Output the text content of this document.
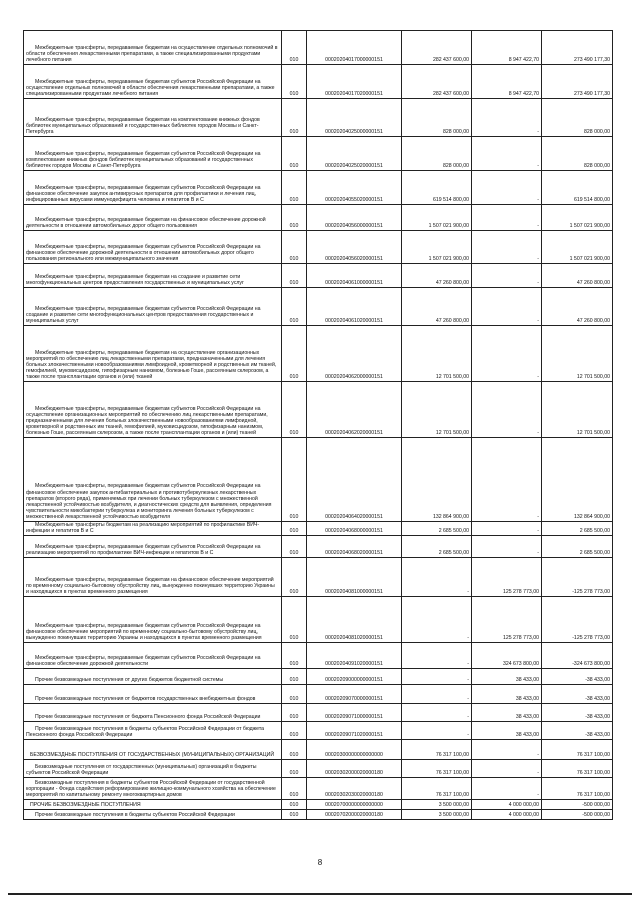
Межбюджетные трансферты, передаваемые бюджетам на осуществление отдельных полномочий в области обеспечения лекарственными препаратами, а также специализированными продуктами лечебного питания	010	00020204017000000151	282 437 600,00	8 947 422,70	273 490 177,30
Межбюджетные трансферты, передаваемые бюджетам субъектов Российской Федерации на осуществление отдельных полномочий в области обеспечения лекарственными препаратами, а также специализированными продуктами лечебного питания	010	00020204017020000151	282 437 600,00	8 947 422,70	273 490 177,30
Межбюджетные трансферты, передаваемые бюджетам на комплектование книжных фондов библиотек муниципальных образований и государственных библиотек городов Москвы и Санкт-Петербурга	010	00020204025000000151	828 000,00	-	828 000,00
Межбюджетные трансферты, передаваемые бюджетам субъектов Российской Федерации на комплектование книжных фондов библиотек муниципальных образований и государственных библиотек городов Москвы и Санкт-Петербурга	010	00020204025020000151	828 000,00	-	828 000,00
Межбюджетные трансферты, передаваемые бюджетам субъектов Российской Федерации на финансовое обеспечение закупок антивирусных препаратов для профилактики и лечения лиц, инфицированных вирусами иммунодефицита человека и гепатитов В и С	010	00020204055020000151	619 514 800,00	-	619 514 800,00
Межбюджетные трансферты, передаваемые бюджетам на финансовое обеспечение дорожной деятельности в отношении автомобильных дорог общего пользования	010	00020204056000000151	1 507 021 900,00	-	1 507 021 900,00
Межбюджетные трансферты, передаваемые бюджетам субъектов Российской Федерации на финансовое обеспечение дорожной деятельности в отношении автомобильных дорог общего пользования регионального или межмуниципального значения	010	00020204056020000151	1 507 021 900,00	-	1 507 021 900,00
Межбюджетные трансферты, передаваемые бюджетам на создание и развитие сети многофункциональных центров предоставления государственных и муниципальных услуг	010	00020204061000000151	47 260 800,00	-	47 260 800,00
Межбюджетные трансферты, передаваемые бюджетам субъектов Российской Федерации на создание и развитие сети многофункциональных центров предоставления государственных и муниципальных услуг	010	00020204061020000151	47 260 800,00	-	47 260 800,00
Межбюджетные трансферты, передаваемые бюджетам на осуществление организационных мероприятий по обеспечению лиц лекарственными препаратами, предназначенными для лечения больных злокачественными новообразованиями лимфоидной, кроветворной и родственных им тканей, гемофилией, муковисцидозом, гипофизарным нанизмом, болезнью Гоше, рассеянным склерозом, а также после трансплантации органов и (или) тканей	010	00020204062000000151	12 701 500,00	-	12 701 500,00
Межбюджетные трансферты, передаваемые бюджетам субъектов Российской Федерации на осуществление организационных мероприятий по обеспечению лиц лекарственными препаратами, предназначенными для лечения больных злокачественными новообразованиями лимфоидной, кроветворной и родственных им тканей, гемофилией, муковисцидозом, гипофизарным нанизмом, болезнью Гоше, рассеянным склерозом, а также после трансплантации органов и (или) тканей	010	00020204062020000151	12 701 500,00	-	12 701 500,00
Межбюджетные трансферты, передаваемые бюджетам субъектов Российской Федерации на финансовое обеспечение закупок антибактериальных и противотуберкулезных лекарственных препаратов (второго ряда), применяемых при лечении больных туберкулезом с множественной лекарственной устойчивостью возбудителя, и диагностических средств для выявления, определения чувствительности микобактерии туберкулеза и мониторинга лечения больных туберкулезом с множественной лекарственной устойчивостью возбудителя	010	00020204064020000151	132 864 900,00	-	132 864 900,00
Межбюджетные трансферты бюджетам на реализацию мероприятий по профилактике ВИЧ-инфекции и гепатитов В и С	010	00020204068000000151	2 685 500,00	-	2 685 500,00
Межбюджетные трансферты, передаваемые бюджетам субъектов Российской Федерации на реализацию мероприятий по профилактике ВИЧ-инфекции и гепатитов В и С	010	00020204068020000151	2 685 500,00	-	2 685 500,00
Межбюджетные трансферты, передаваемые бюджетам на финансовое обеспечение мероприятий по временному социально-бытовому обустройству лиц, вынужденно покинувших территорию Украины и находящихся в пунктах временного размещения	010	00020204081000000151	-	125 278 773,00	-125 278 773,00
Межбюджетные трансферты, передаваемые бюджетам субъектов Российской Федерации на финансовое обеспечение мероприятий по временному социально-бытовому обустройству лиц, вынужденно покинувших территорию Украины и находящихся в пунктах временного размещения	010	00020204081020000151	-	125 278 773,00	-125 278 773,00
Межбюджетные трансферты, передаваемые бюджетам субъектов Российской Федерации на финансовое обеспечение дорожной деятельности	010	00020204091020000151	-	324 673 800,00	-324 673 800,00
Прочие безвозмездные поступления от других бюджетов бюджетной системы	010	00020209000000000151	-	38 433,00	-38 433,00
Прочие безвозмездные поступления от бюджетов государственных внебюджетных фондов	010	00020209070000000151	-	38 433,00	-38 433,00
Прочие безвозмездные поступления от бюджета Пенсионного фонда Российской Федерации	010	00020209071000000151	-	38 433,00	-38 433,00
Прочие безвозмездные поступления в бюджеты субъектов Российской Федерации от бюджета Пенсионного фонда Российской Федерации	010	00020209071020000151	-	38 433,00	-38 433,00
БЕЗВОЗМЕЗДНЫЕ ПОСТУПЛЕНИЯ ОТ ГОСУДАРСТВЕННЫХ (МУНИЦИПАЛЬНЫХ) ОРГАНИЗАЦИЙ	010	00020300000000000000	76 317 100,00	-	76 317 100,00
Безвозмездные поступления от государственных (муниципальных) организаций в бюджеты субъектов Российской Федерации	010	00020302000020000180	76 317 100,00	-	76 317 100,00
Безвозмездные поступления в бюджеты субъектов Российской Федерации от государственной корпорации - Фонда содействия реформированию жилищно-коммунального хозяйства на обеспечение мероприятий по капитальному ремонту многоквартирных домов	010	00020302030020000180	76 317 100,00	-	76 317 100,00
ПРОЧИЕ БЕЗВОЗМЕЗДНЫЕ ПОСТУПЛЕНИЯ	010	00020700000000000000	3 500 000,00	4 000 000,00	-500 000,00
Прочие безвозмездные поступления в бюджеты субъектов Российской Федерации	010	00020702000020000180	3 500 000,00	4 000 000,00	-500 000,00
8
